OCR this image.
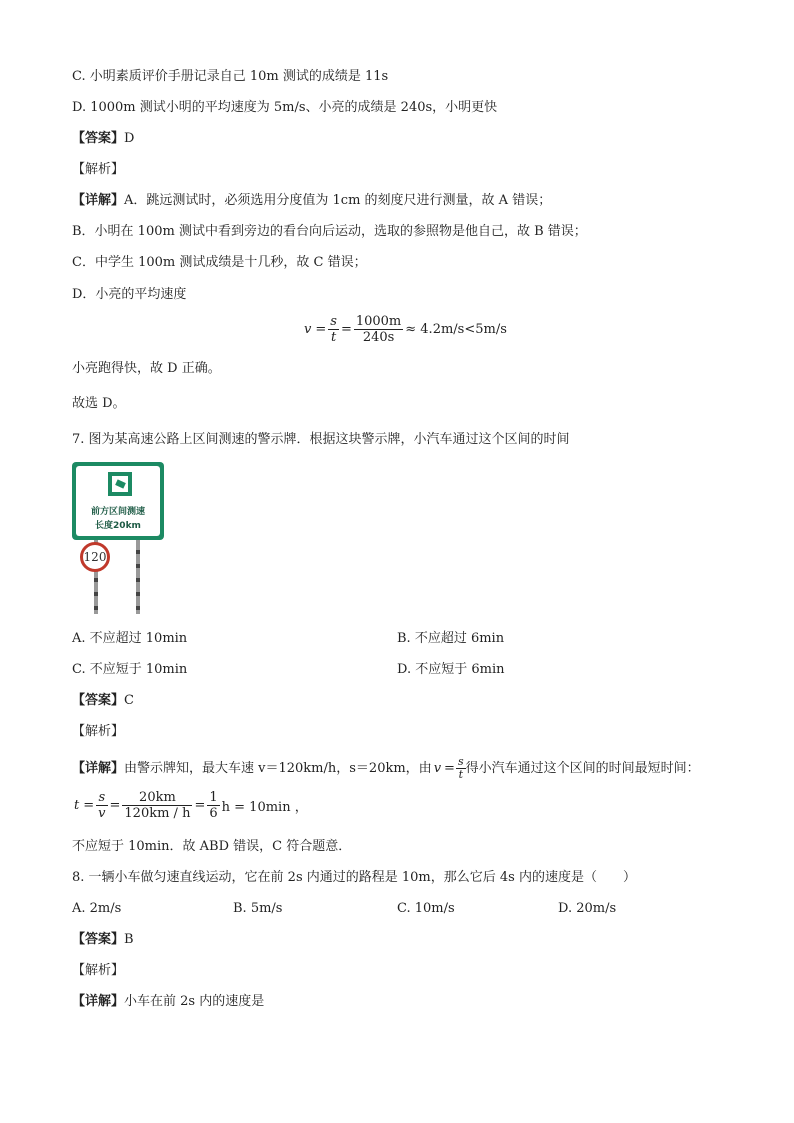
C. 小明素质评价手册记录自己 10m 测试的成绩是 11s
D. 1000m 测试小明的平均速度为 5m/s、小亮的成绩是 240s，小明更快
【答案】D
【解析】
【详解】A．跳远测试时，必须选用分度值为 1cm 的刻度尺进行测量，故 A 错误；
B．小明在 100m 测试中看到旁边的看台向后运动，选取的参照物是他自己，故 B 错误；
C．中学生 100m 测试成绩是十几秒，故 C 错误；
D．小亮的平均速度
$v = \frac{s}{t} = \frac{1000m}{240s} \approx 4.2m/s<5m/s$
小亮跑得快，故 D 正确。
故选 D。
7. 图为某高速公路上区间测速的警示牌．根据这块警示牌，小汽车通过这个区间的时间
前方区间测速
长度20km
120
A. 不应超过 10min	B. 不应超过 6min
C. 不应短于 10min	D. 不应短于 6min
【答案】C
【解析】
【详解】 由警示牌知，最大车速 v＝120km/h，s＝20km，由 $v = \frac{s}{t}$ 得小汽车通过这个区间的时间最短时间：
$t = \frac{s}{v} = \frac{20km}{120km / h} = \frac{1}{6}$ h = 10min ，
不应短于 10min．故 ABD 错误，C 符合题意．
8. 一辆小车做匀速直线运动，它在前 2s 内通过的路程是 10m，那么它后 4s 内的速度是（　　）
A. 2m/s	B. 5m/s	C. 10m/s	D. 20m/s
【答案】B
【解析】
【详解】小车在前 2s 内的速度是
